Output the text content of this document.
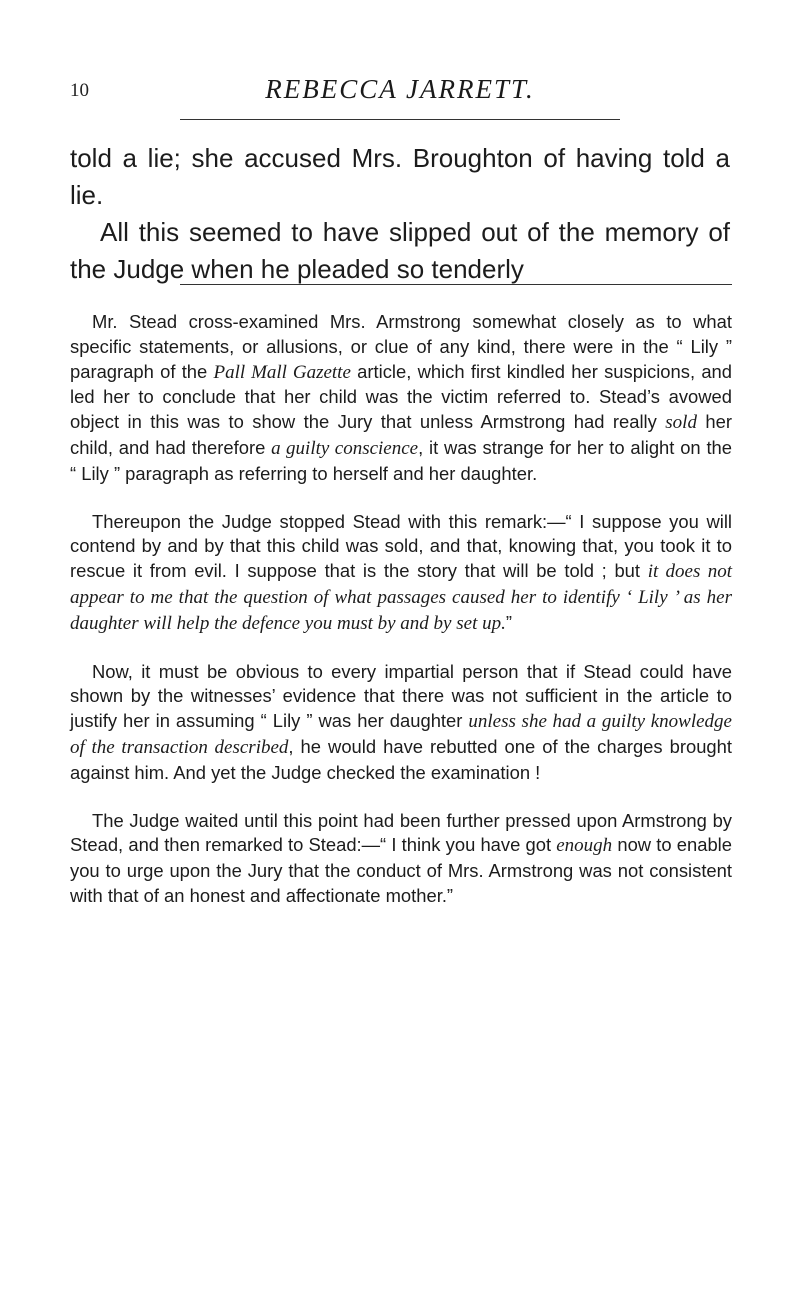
10	REBECCA JARRETT.

told a lie; she accused Mrs. Broughton of having told a lie.

All this seemed to have slipped out of the memory of the Judge when he pleaded so tenderly

Mr. Stead cross-examined Mrs. Armstrong somewhat closely as to what specific statements, or allusions, or clue of any kind, there were in the “ Lily ” paragraph of the Pall Mall Gazette article, which first kindled her suspicions, and led her to conclude that her child was the victim referred to. Stead’s avowed object in this was to show the Jury that unless Armstrong had really sold her child, and had therefore a guilty conscience, it was strange for her to alight on the “ Lily ” paragraph as referring to herself and her daughter.

Thereupon the Judge stopped Stead with this remark:—“ I suppose you will contend by and by that this child was sold, and that, knowing that, you took it to rescue it from evil. I suppose that is the story that will be told ; but it does not appear to me that the question of what passages caused her to identify ‘ Lily ’ as her daughter will help the defence you must by and by set up.”

Now, it must be obvious to every impartial person that if Stead could have shown by the witnesses’ evidence that there was not sufficient in the article to justify her in assuming “ Lily ” was her daughter unless she had a guilty knowledge of the transaction described, he would have rebutted one of the charges brought against him. And yet the Judge checked the examination !

The Judge waited until this point had been further pressed upon Armstrong by Stead, and then remarked to Stead:—“ I think you have got enough now to enable you to urge upon the Jury that the conduct of Mrs. Armstrong was not consistent with that of an honest and affectionate mother.”
